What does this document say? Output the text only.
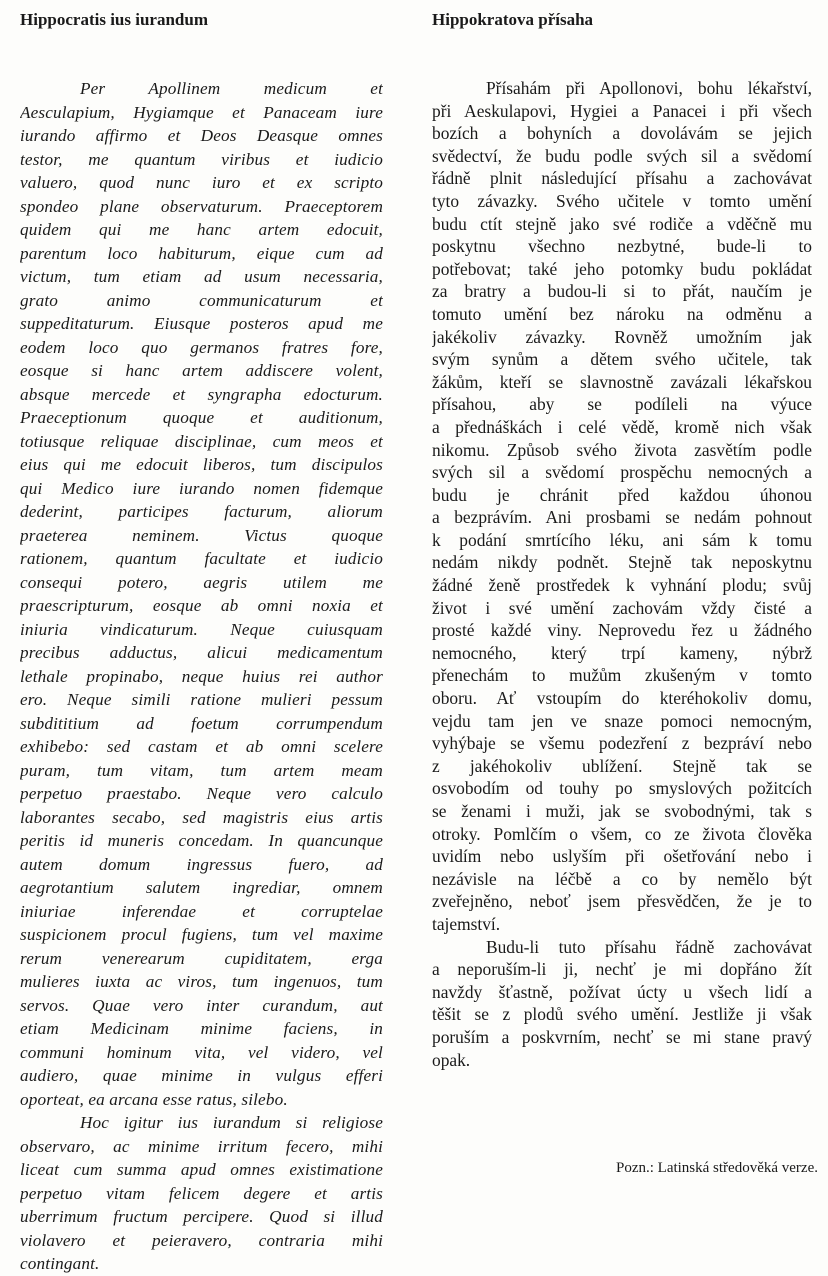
Hippocratis ius iurandum
Per Apollinem medicum et
Aesculapium, Hygiamque et Panaceam iure
iurando affirmo et Deos Deasque omnes
testor, me quantum viribus et iudicio
valuero, quod nunc iuro et ex scripto
spondeo plane observaturum. Praeceptorem
quidem qui me hanc artem edocuit,
parentum loco habiturum, eique cum ad
victum, tum etiam ad usum necessaria,
grato animo communicaturum et
suppeditaturum. Eiusque posteros apud me
eodem loco quo germanos fratres fore,
eosque si hanc artem addiscere volent,
absque mercede et syngrapha edocturum.
Praeceptionum quoque et auditionum,
totiusque reliquae disciplinae, cum meos et
eius qui me edocuit liberos, tum discipulos
qui Medico iure iurando nomen fidemque
dederint, participes facturum, aliorum
praeterea neminem. Victus quoque
rationem, quantum facultate et iudicio
consequi potero, aegris utilem me
praescripturum, eosque ab omni noxia et
iniuria vindicaturum. Neque cuiusquam
precibus adductus, alicui medicamentum
lethale propinabo, neque huius rei author
ero. Neque simili ratione mulieri pessum
subdititium ad foetum corrumpendum
exhibebo: sed castam et ab omni scelere
puram, tum vitam, tum artem meam
perpetuo praestabo. Neque vero calculo
laborantes secabo, sed magistris eius artis
peritis id muneris concedam. In quancunque
autem domum ingressus fuero, ad
aegrotantium salutem ingrediar, omnem
iniuriae inferendae et corruptelae
suspicionem procul fugiens, tum vel maxime
rerum venerearum cupiditatem, erga
mulieres iuxta ac viros, tum ingenuos, tum
servos. Quae vero inter curandum, aut
etiam Medicinam minime faciens, in
communi hominum vita, vel videro, vel
audiero, quae minime in vulgus efferi
oporteat, ea arcana esse ratus, silebo.
Hoc igitur ius iurandum si religiose
observaro, ac minime irritum fecero, mihi
liceat cum summa apud omnes existimatione
perpetuo vitam felicem degere et artis
uberrimum fructum percipere. Quod si illud
violavero et peieravero, contraria mihi
contingant.
Hippokratova přísaha
Přísahám při Apollonovi, bohu lékařství,
při Aeskulapovi, Hygiei a Panacei i při všech
bozích a bohyních a dovolávám se jejich
svědectví, že budu podle svých sil a svědomí
řádně plnit následující přísahu a zachovávat
tyto závazky. Svého učitele v tomto umění
budu ctít stejně jako své rodiče a vděčně mu
poskytnu všechno nezbytné, bude-li to
potřebovat; také jeho potomky budu pokládat
za bratry a budou-li si to přát, naučím je
tomuto umění bez nároku na odměnu a
jakékoliv závazky. Rovněž umožním jak
svým synům a dětem svého učitele, tak
žákům, kteří se slavnostně zavázali lékařskou
přísahou, aby se podíleli na výuce
a přednáškách i celé vědě, kromě nich však
nikomu. Způsob svého života zasvětím podle
svých sil a svědomí prospěchu nemocných a
budu je chránit před každou úhonou
a bezprávím. Ani prosbami se nedám pohnout
k podání smrtícího léku, ani sám k tomu
nedám nikdy podnět. Stejně tak neposkytnu
žádné ženě prostředek k vyhnání plodu; svůj
život i své umění zachovám vždy čisté a
prosté každé viny. Neprovedu řez u žádného
nemocného, který trpí kameny, nýbrž
přenechám to mužům zkušeným v tomto
oboru. Ať vstoupím do kteréhokoliv domu,
vejdu tam jen ve snaze pomoci nemocným,
vyhýbaje se všemu podezření z bezpráví nebo
z jakéhokoliv ublížení. Stejně tak se
osvobodím od touhy po smyslových požitcích
se ženami i muži, jak se svobodnými, tak s
otroky. Pomlčím o všem, co ze života člověka
uvidím nebo uslyším při ošetřování nebo i
nezávisle na léčbě a co by nemělo být
zveřejněno, neboť jsem přesvědčen, že je to
tajemství.
Budu-li tuto přísahu řádně zachovávat
a neporuším-li ji, nechť je mi dopřáno žít
navždy šťastně, požívat úcty u všech lidí a
těšit se z plodů svého umění. Jestliže ji však
poruším a poskvrním, nechť se mi stane pravý
opak.
Pozn.: Latinská středověká verze.
